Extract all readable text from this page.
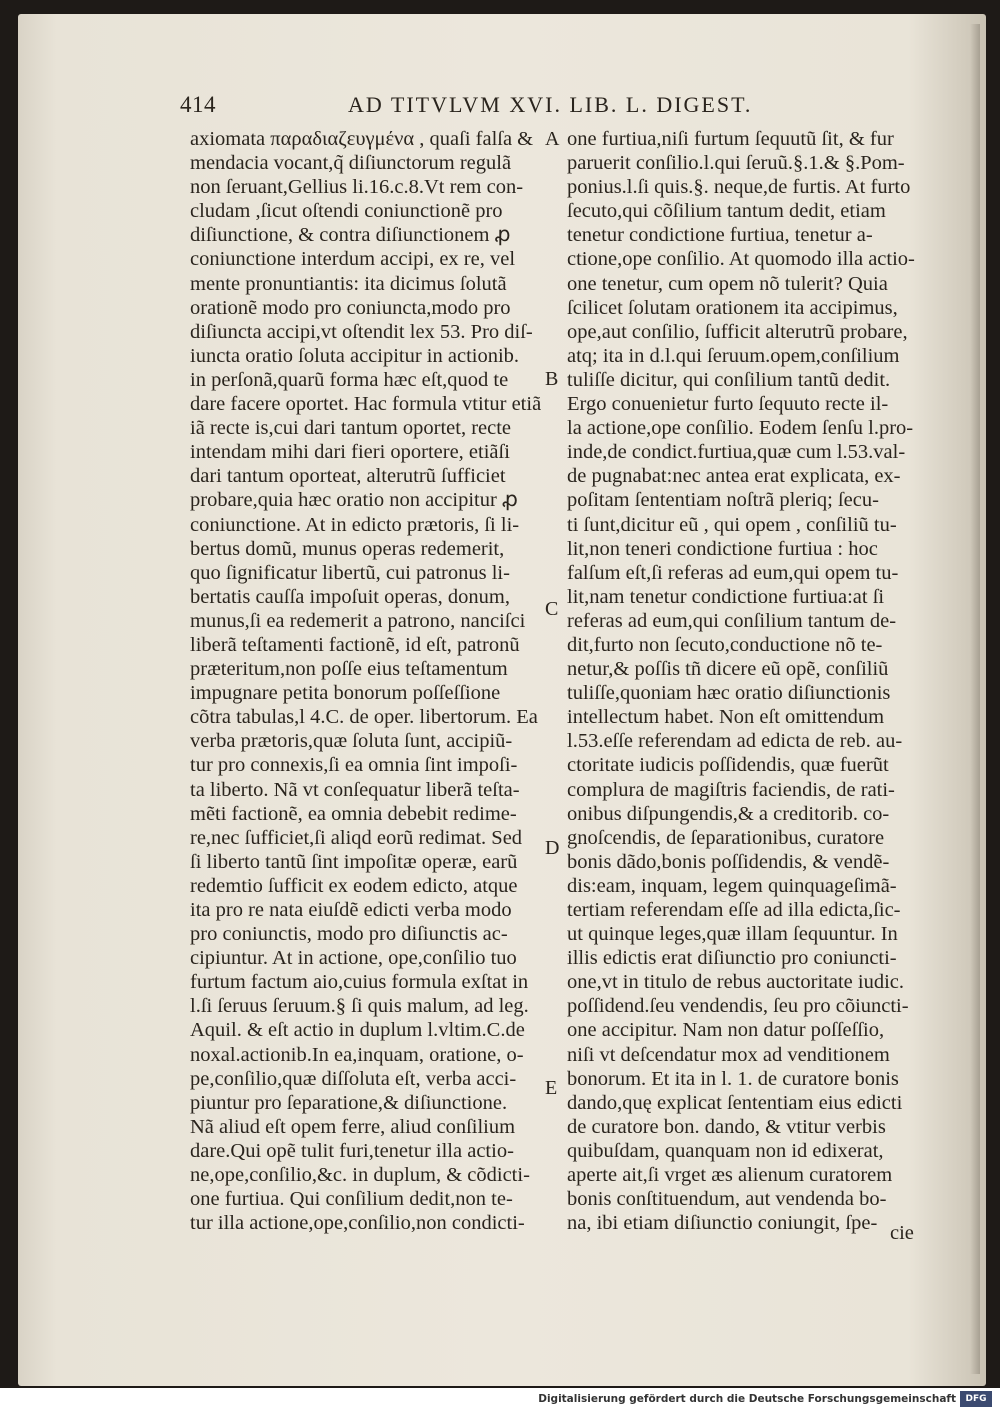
414	AD TITVLVM XVI. LIB. L. DIGEST.
axiomata παραδιαζευγμένα , quaſi falſa &
mendacia vocant,q̃ diſiunctorum regulã
non ſeruant,Gellius li.16.c.8.Vt rem con-
cludam ,ſicut oſtendi coniunctionẽ pro
diſiunctione, & contra diſiunctionem ꝓ
coniunctione interdum accipi, ex re, vel
mente pronuntiantis: ita dicimus ſolutã
orationẽ modo pro coniuncta,modo pro
diſiuncta accipi,vt oſtendit lex 53. Pro diſ-
iuncta oratio ſoluta accipitur in actionib.
in perſonã,quarũ forma hæc eſt,quod te
dare facere oportet. Hac formula vtitur etiã
iã recte is,cui dari tantum oportet, recte
intendam mihi dari fieri oportere, etiãſi
dari tantum oporteat, alterutrũ ſufficiet
probare,quia hæc oratio non accipitur ꝓ
coniunctione. At in edicto prætoris, ſi li-
bertus domũ, munus operas redemerit,
quo ſignificatur libertũ, cui patronus li-
bertatis cauſſa impoſuit operas, donum,
munus,ſi ea redemerit a patrono, nanciſci
liberã teſtamenti factionẽ, id eſt, patronũ
præteritum,non poſſe eius teſtamentum
impugnare petita bonorum poſſeſſione
cõtra tabulas,l 4.C. de oper. libertorum. Ea
verba prætoris,quæ ſoluta ſunt, accipiũ-
tur pro connexis,ſi ea omnia ſint impoſi-
ta liberto. Nã vt conſequatur liberã teſta-
mẽti factionẽ, ea omnia debebit redime-
re,nec ſufficiet,ſi aliqd eorũ redimat. Sed
ſi liberto tantũ ſint impoſitæ operæ, earũ
redemtio ſufficit ex eodem edicto, atque
ita pro re nata eiuſdẽ edicti verba modo
pro coniunctis, modo pro diſiunctis ac-
cipiuntur. At in actione, ope,conſilio tuo
furtum factum aio,cuius formula exſtat in
l.ſi ſeruus ſeruum.§ ſi quis malum, ad leg.
Aquil. & eſt actio in duplum l.vltim.C.de
noxal.actionib.In ea,inquam, oratione, o-
pe,conſilio,quæ diſſoluta eſt, verba acci-
piuntur pro ſeparatione,& diſiunctione.
Nã aliud eſt opem ferre, aliud conſilium
dare.Qui opẽ tulit furi,tenetur illa actio-
ne,ope,conſilio,&c. in duplum, & cõdicti-
one furtiua. Qui conſilium dedit,non te-
tur illa actione,ope,conſilio,non condicti-
one furtiua,niſi furtum ſequutũ ſit, & fur
paruerit conſilio.l.qui ſeruũ.§.1.& §.Pom-
ponius.l.ſi quis.§. neque,de furtis. At furto
ſecuto,qui cõſilium tantum dedit, etiam
tenetur condictione furtiua, tenetur a-
ctione,ope conſilio. At quomodo illa actio-
one tenetur, cum opem nõ tulerit? Quia
ſcilicet ſolutam orationem ita accipimus,
ope,aut conſilio, ſufficit alterutrũ probare,
atq; ita in d.l.qui ſeruum.opem,conſilium
tuliſſe dicitur, qui conſilium tantũ dedit.
Ergo conuenietur furto ſequuto recte il-
la actione,ope conſilio. Eodem ſenſu l.pro-
inde,de condict.furtiua,quæ cum l.53.val-
de pugnabat:nec antea erat explicata, ex-
poſitam ſententiam noſtrã pleriq; ſecu-
ti ſunt,dicitur eũ , qui opem , conſiliũ tu-
lit,non teneri condictione furtiua : hoc
falſum eſt,ſi referas ad eum,qui opem tu-
lit,nam tenetur condictione furtiua:at ſi
referas ad eum,qui conſilium tantum de-
dit,furto non ſecuto,conductione nõ te-
netur,& poſſis tñ dicere eũ opẽ, conſiliũ
tuliſſe,quoniam hæc oratio diſiunctionis
intellectum habet. Non eſt omittendum
l.53.eſſe referendam ad edicta de reb. au-
ctoritate iudicis poſſidendis, quæ fuerũt
complura de magiſtris faciendis, de rati-
onibus diſpungendis,& a creditorib. co-
gnoſcendis, de ſeparationibus, curatore
bonis dãdo,bonis poſſidendis, & vendẽ-
dis:eam, inquam, legem quinquageſimã-
tertiam referendam eſſe ad illa edicta,ſic-
ut quinque leges,quæ illam ſequuntur. In
illis edictis erat diſiunctio pro coniuncti-
one,vt in titulo de rebus auctoritate iudic.
poſſidend.ſeu vendendis, ſeu pro cõiuncti-
one accipitur. Nam non datur poſſeſſio,
niſi vt deſcendatur mox ad venditionem
bonorum. Et ita in l. 1. de curatore bonis
dando,quę explicat ſententiam eius edicti
de curatore bon. dando, & vtitur verbis
quibuſdam, quanquam non id edixerat,
aperte ait,ſi vrget æs alienum curatorem
bonis conſtituendum, aut vendenda bo-
na, ibi etiam diſiunctio coniungit, ſpe-
A
B
C
D
E
cie
Digitalisierung gefördert durch die Deutsche Forschungsgemeinschaft	DFG
